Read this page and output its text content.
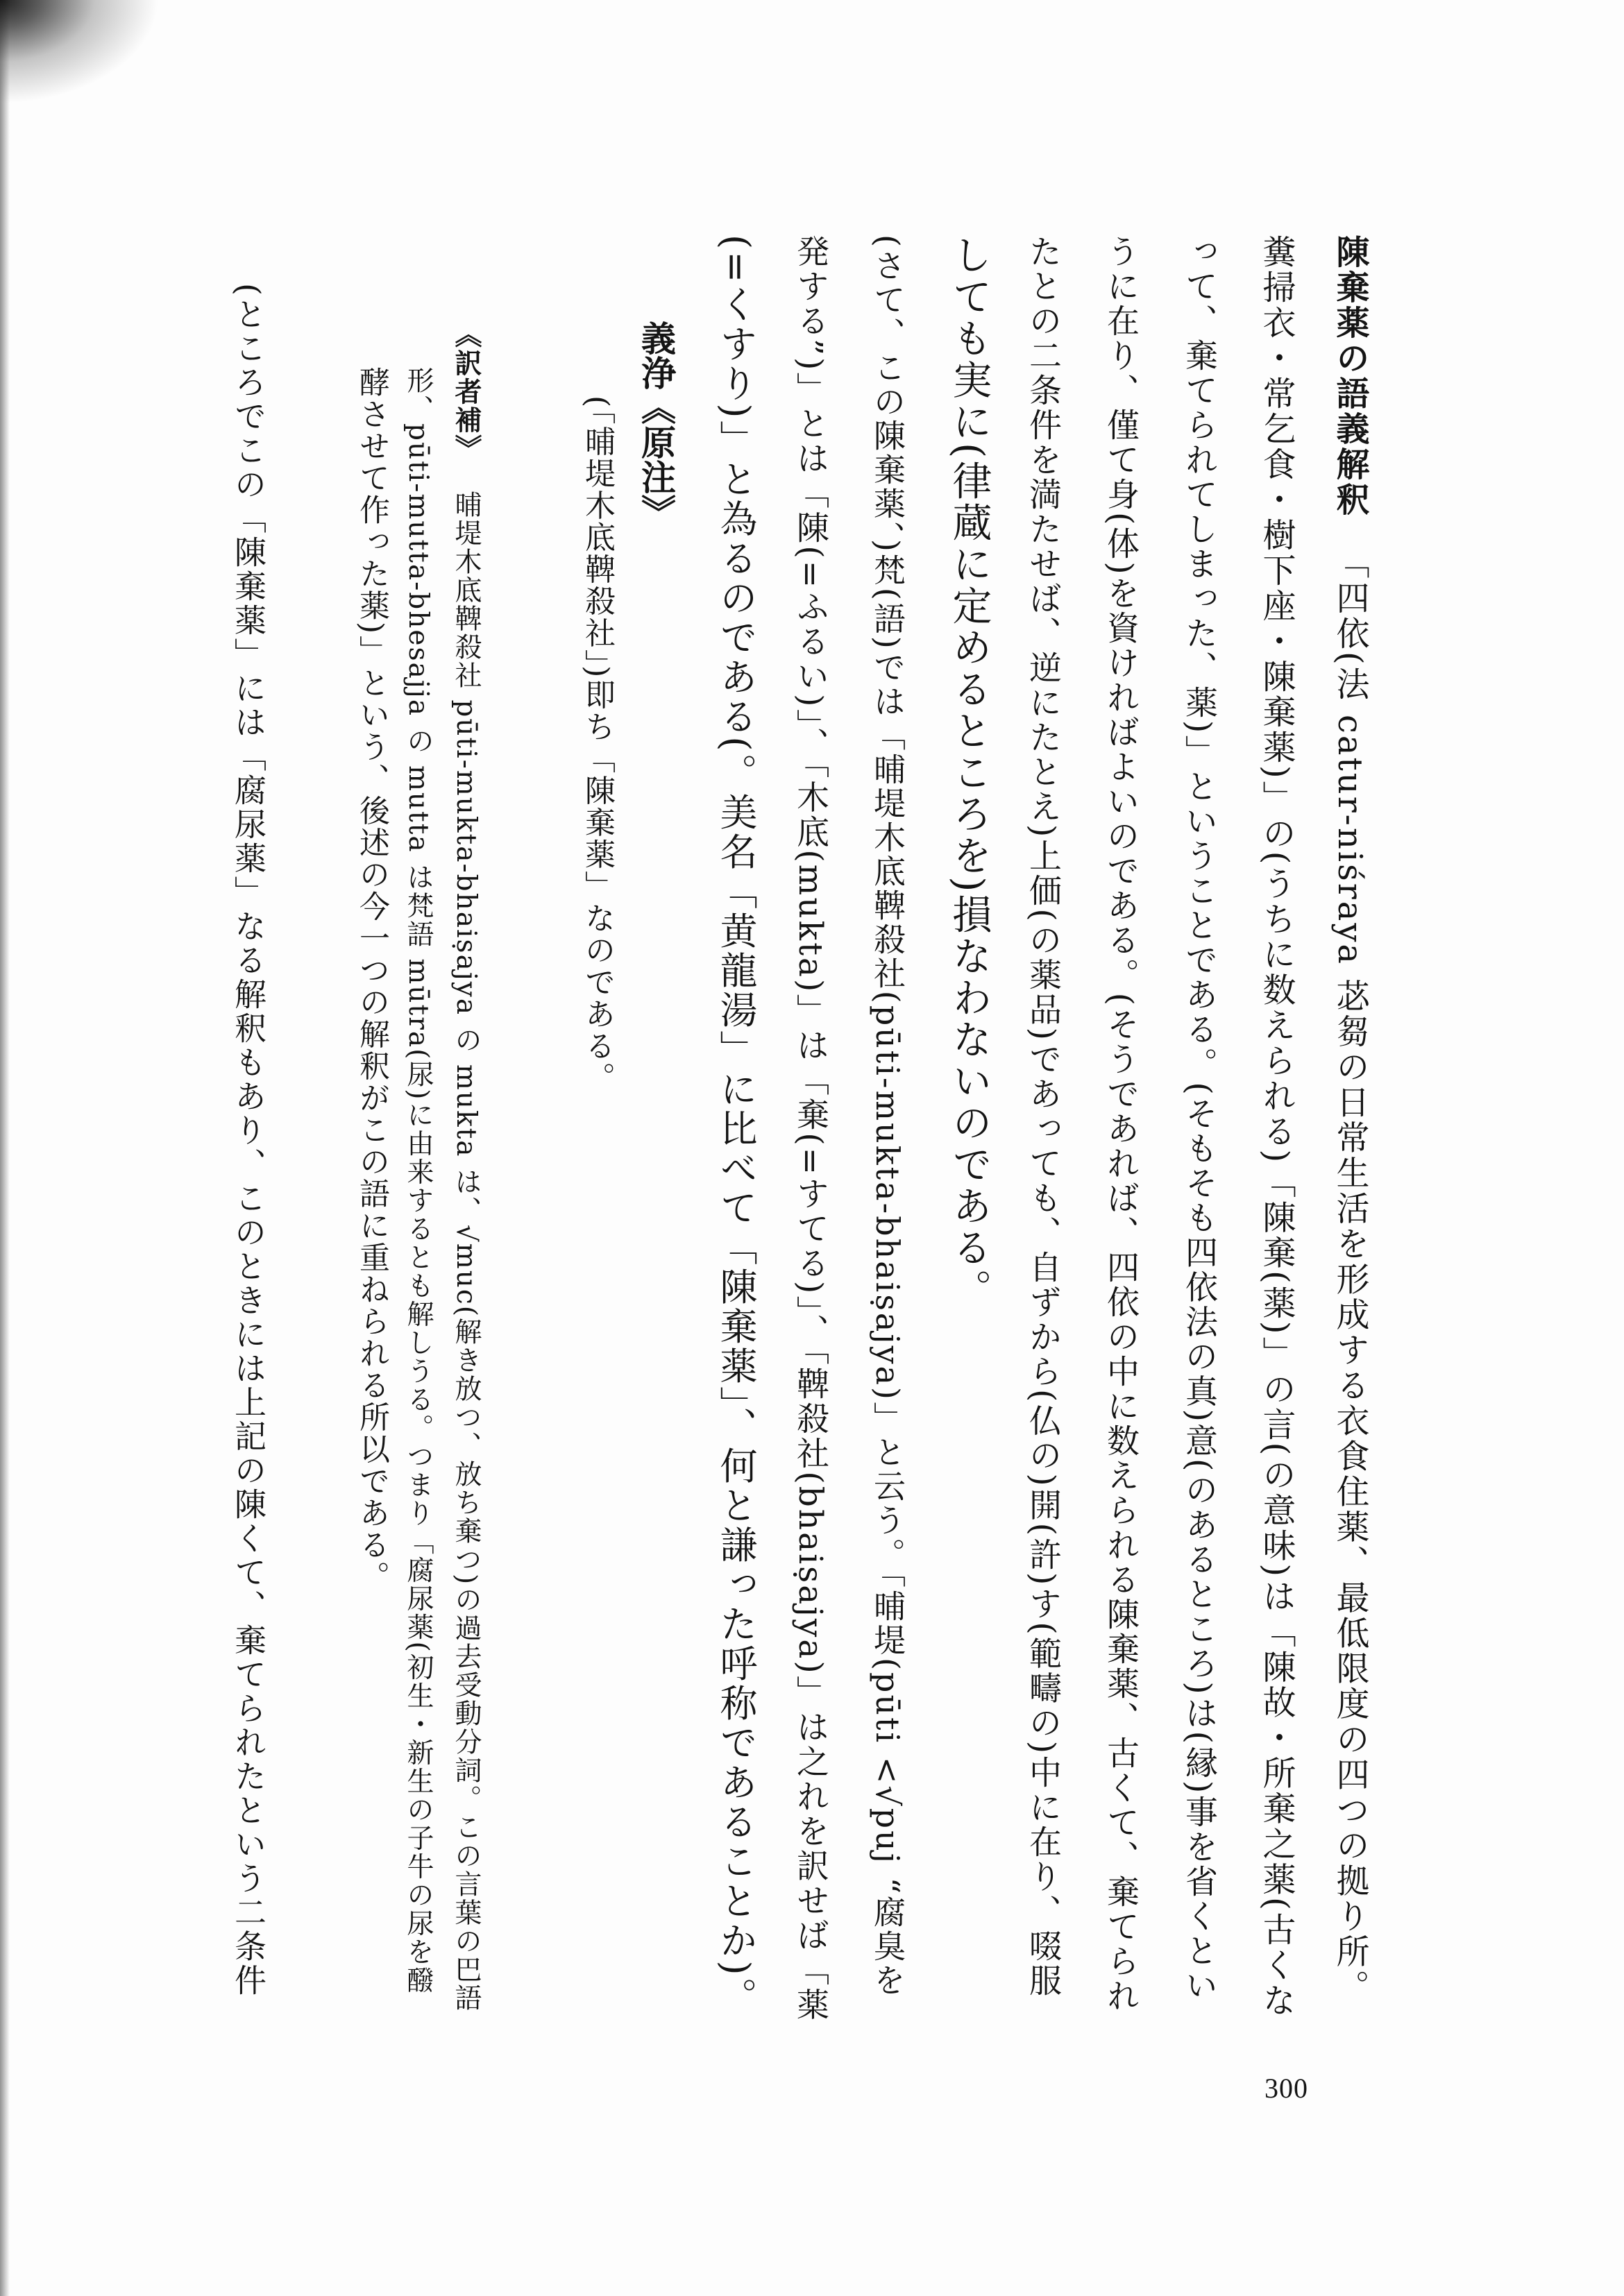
陳棄薬の語義解釈「四依(法 catur-niśraya 苾芻の日常生活を形成する衣食住薬、最低限度の四つの拠り所。
糞掃衣・常乞食・樹下座・陳棄薬)」の(うちに数えられる)「陳棄(薬)」の言(の意味)は「陳故・所棄之薬(古くな
って、棄てられてしまった、薬)」ということである。(そもそも四依法の真)意(のあるところ)は(縁)事を省くとい
うに在り、僅て身(体)を資ければよいのである。(そうであれば、四依の中に数えられる陳棄薬、古くて、棄てられ
たとの二条件を満たせば、逆にたとえ)上価(の薬品)であっても、自ずから(仏の)開(許)す(範疇の)中に在り、啜服
しても実に(律蔵に定めるところを)損なわないのである。
(さて、この陳棄薬、)梵(語)では「晡堤木底鞞殺社(pūti-mukta-bhaiṣajya)」と云う。「晡堤(pūti <√puj “腐臭を
発する”)」とは「陳(=ふるい)」、「木底(mukta)」は「棄(=すてる)」、「鞞殺社(bhaiṣajya)」は之れを訳せば「薬
(=くすり)」と為るのである(。美名「黄龍湯」に比べて「陳棄薬」、何と謙った呼称であることか)。
義浄《原注》
(「晡堤木底鞞殺社」)即ち「陳棄薬」なのである。
《訳者補》晡堤木底鞞殺社 pūti-mukta-bhaiṣajya の mukta は、√muc(解き放つ、放ち棄つ)の過去受動分詞。この言葉の巴語
形、pūti-mutta-bhesajja の mutta は梵語 mūtra(尿)に由来するとも解しうる。つまり「腐尿薬(初生・新生の子牛の尿を醱
酵させて作った薬)」という、後述の今一つの解釈がこの語に重ねられる所以である。
(ところでこの「陳棄薬」には「腐尿薬」なる解釈もあり、このときには上記の陳くて、棄てられたという二条件
300
